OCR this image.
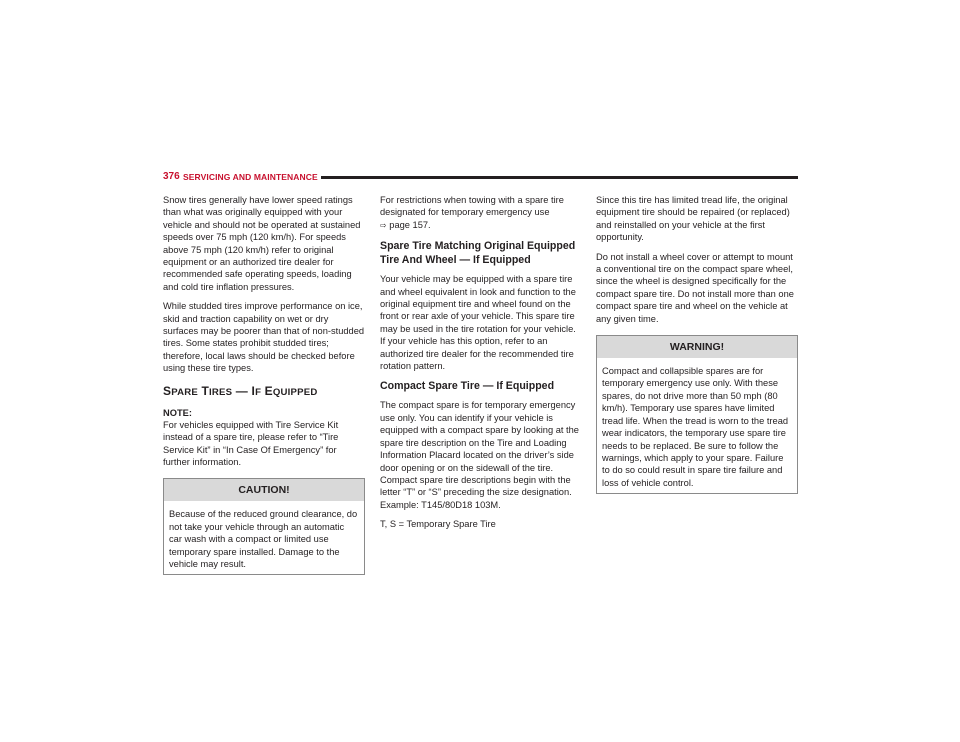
376 SERVICING AND MAINTENANCE

Snow tires generally have lower speed ratings than what was originally equipped with your vehicle and should not be operated at sustained speeds over 75 mph (120 km/h). For speeds above 75 mph (120 km/h) refer to original equipment or an authorized tire dealer for recommended safe operating speeds, loading and cold tire inflation pressures.

While studded tires improve performance on ice, skid and traction capability on wet or dry surfaces may be poorer than that of non-studded tires. Some states prohibit studded tires; therefore, local laws should be checked before using these tire types.

SPARE TIRES — IF EQUIPPED
NOTE:

For vehicles equipped with Tire Service Kit instead of a spare tire, please refer to “Tire Service Kit” in “In Case Of Emergency” for further information.

CAUTION!

Because of the reduced ground clearance, do not take your vehicle through an automatic car wash with a compact or limited use temporary spare installed. Damage to the vehicle may result.

For restrictions when towing with a spare tire designated for temporary emergency use
⇨ page 157.

Spare Tire Matching Original Equipped Tire And Wheel — If Equipped

Your vehicle may be equipped with a spare tire and wheel equivalent in look and function to the original equipment tire and wheel found on the front or rear axle of your vehicle. This spare tire may be used in the tire rotation for your vehicle. If your vehicle has this option, refer to an authorized tire dealer for the recommended tire rotation pattern.

Compact Spare Tire — If Equipped

The compact spare is for temporary emergency use only. You can identify if your vehicle is equipped with a compact spare by looking at the spare tire description on the Tire and Loading Information Placard located on the driver’s side door opening or on the sidewall of the tire. Compact spare tire descriptions begin with the letter “T” or “S” preceding the size designation. Example: T145/80D18 103M.

T, S = Temporary Spare Tire

Since this tire has limited tread life, the original equipment tire should be repaired (or replaced) and reinstalled on your vehicle at the first opportunity.

Do not install a wheel cover or attempt to mount a conventional tire on the compact spare wheel, since the wheel is designed specifically for the compact spare tire. Do not install more than one compact spare tire and wheel on the vehicle at any given time.

WARNING!

Compact and collapsible spares are for temporary emergency use only. With these spares, do not drive more than 50 mph (80 km/h). Temporary use spares have limited tread life. When the tread is worn to the tread wear indicators, the temporary use spare tire needs to be replaced. Be sure to follow the warnings, which apply to your spare. Failure to do so could result in spare tire failure and loss of vehicle control.
